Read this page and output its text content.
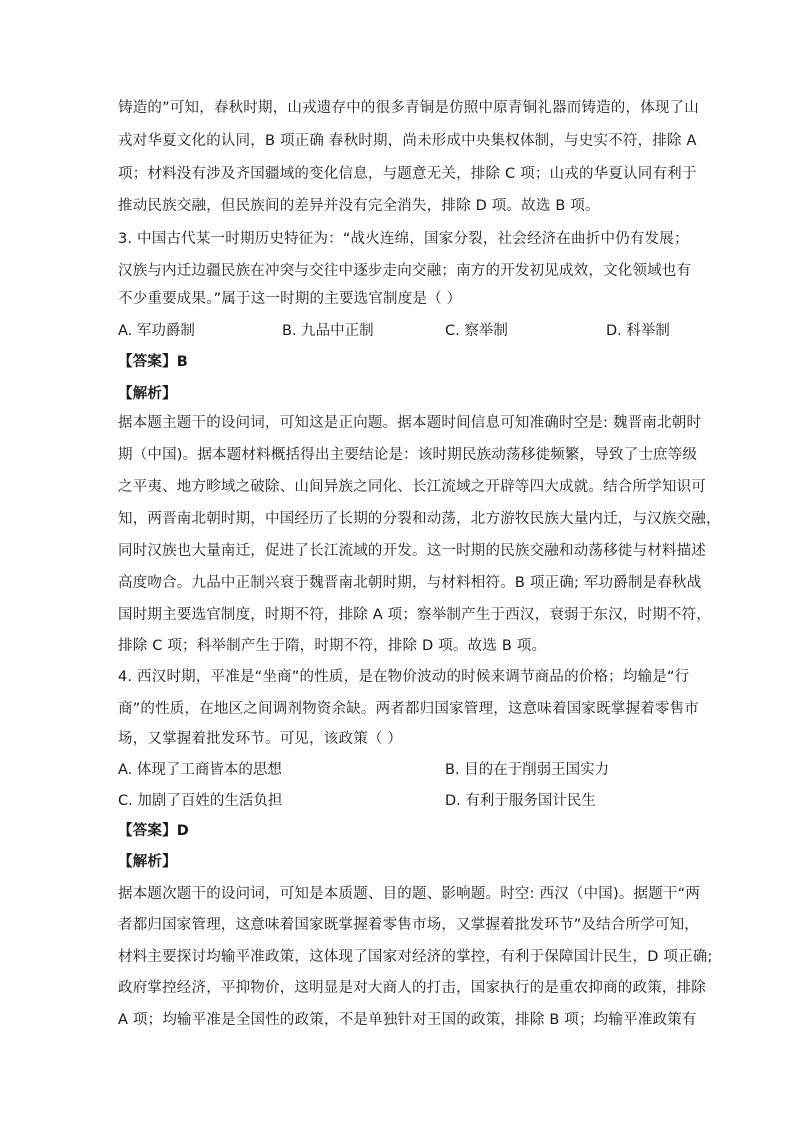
铸造的”可知，春秋时期，山戎遗存中的很多青铜是仿照中原青铜礼器而铸造的，体现了山
戎对华夏文化的认同，B 项正确 春秋时期，尚未形成中央集权体制，与史实不符，排除 A
项；材料没有涉及齐国疆域的变化信息，与题意无关，排除 C 项；山戎的华夏认同有利于
推动民族交融，但民族间的差异并没有完全消失，排除 D 项。故选 B 项。
3. 中国古代某一时期历史特征为：“战火连绵，国家分裂，社会经济在曲折中仍有发展；
汉族与内迁边疆民族在冲突与交往中逐步走向交融；南方的开发初见成效，文化领域也有
不少重要成果。”属于这一时期的主要选官制度是（ ）
A. 军功爵制	B. 九品中正制	C. 察举制	D. 科举制
【答案】B
【解析】
据本题主题干的设问词，可知这是正向题。据本题时间信息可知准确时空是: 魏晋南北朝时
期（中国)。据本题材料概括得出主要结论是：该时期民族动荡移徙频繁，导致了士庶等级
之平夷、地方畛域之破除、山间异族之同化、长江流域之开辟等四大成就。结合所学知识可
知，两晋南北朝时期，中国经历了长期的分裂和动荡，北方游牧民族大量内迁，与汉族交融，
同时汉族也大量南迁，促进了长江流域的开发。这一时期的民族交融和动荡移徙与材料描述
高度吻合。九品中正制兴衰于魏晋南北朝时期，与材料相符。B 项正确; 军功爵制是春秋战
国时期主要选官制度，时期不符，排除 A 项；察举制产生于西汉，衰弱于东汉，时期不符，
排除 C 项；科举制产生于隋，时期不符，排除 D 项。故选 B 项。
4. 西汉时期，平准是“坐商”的性质，是在物价波动的时候来调节商品的价格；均输是“行
商”的性质，在地区之间调剂物资余缺。两者都归国家管理，这意味着国家既掌握着零售市
场，又掌握着批发环节。可见，该政策（ ）
A. 体现了工商皆本的思想	B. 目的在于削弱王国实力
C. 加剧了百姓的生活负担	D. 有利于服务国计民生
【答案】D
【解析】
据本题次题干的设问词，可知是本质题、目的题、影响题。时空: 西汉（中国)。据题干“两
者都归国家管理，这意味着国家既掌握着零售市场，又掌握着批发环节”及结合所学可知，
材料主要探讨均输平准政策，这体现了国家对经济的掌控，有利于保障国计民生，D 项正确;
政府掌控经济，平抑物价，这明显是对大商人的打击，国家执行的是重农抑商的政策，排除
A 项；均输平准是全国性的政策，不是单独针对王国的政策，排除 B 项；均输平准政策有
